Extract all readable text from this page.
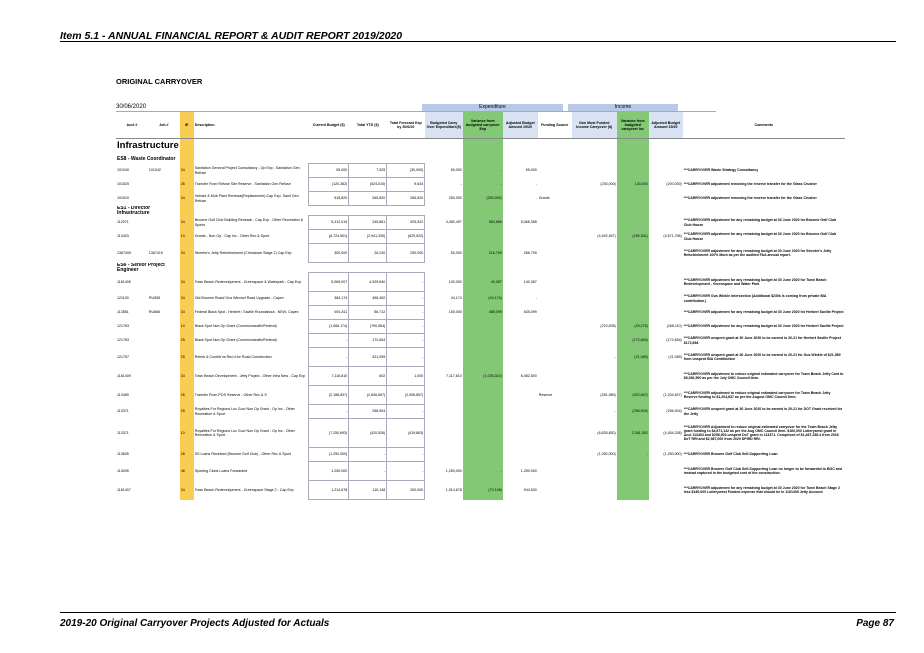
Item 5.1 - ANNUAL FINANCIAL REPORT & AUDIT REPORT 2019/2020
ORIGINAL CARRYOVER
30/06/2020	Expenditure	Income
Acct #	Job #	IE	Description	Current Budget ($)	Total YTD ($)	Total Forecast Exp by 30/6/20	Budgeted Carry Over Expenditure($)	Variance from budgeted carryover Exp	Adjusted Budget Amount 19/20	Funding Source	Non Must Funded Income Carryover ($)	Variance from budgeted carryover Inc	Adjusted Budget Amount 19/20	Comments
Infrastructure														
ES8 - Waste Coordinator														
101040	101042	34	Sanitation General Project Consultancy - Op Exp - Sanitation Gen Refuse	55,000	7,525	(30,000)	60,000	-	55,000					***CARRYOVER Waste Strategy Consultancy
101525		26	Transfer From Refuse Site Reserve - Sanitation Gen Refuse	(120,362)	(524,510)	9,634	-	-	-		(230,000)	130,000	(200,000)	***CARRYOVER adjustment removing the reserve transfer for the Glass Crusher
101510		34	Vehicle & Mob Plant Renewal(Replacement)-Cap Exp- Sanit Gen Refuse	515,820	265,820	265,820	250,000	(250,000)	-	Grants				***CARRYOVER adjustment removing the reserve transfer for the Glass Crusher
ES1 - Director Infrastructure														
112071		34	Broome Golf Club Building Renewal - Cap Exp - Other Recreation & Sports	5,312,019	245,861	925,522	4,482,497	583,856	5,066,358					***CARRYOVER adjustment for any remaining budget at 30 June 2020 for Broome Golf Club Club House
113403		10	Grants - Non Op - Cap Inc - Other Rec & Sport	(6,724,501)	(2,941,335)	(629,522)					(4,492,497)	(189,301)	(4,671,798)	***CARRYOVER adjustment for any remaining budget at 30 June 2020 for Broome Golf Club Club House
1367405	1367419	34	Streeter's Jetty Refurbishment (Chinatown Stage 2) Cap Exp	300,000	26,240	250,000	50,000	216,799	266,799					***CARRYOVER adjustment for any remaining budget at 30 June 2020 for Streeter's Jetty Refurbishment 100% Mont as per the audited FAA annual report.
ES6 - Senior Project Engineer														
1161405		34	Town Beach Redevelopment - Greenspace & Waterpark - Cap Exp	5,069,007	4,929,640	-	100,000	40,387	140,387					***CARRYOVER adjustment for any remaining budget at 30 June 2020 for Town Beach Redevelopment - Greenspace and Water Park
121100	RU555	34	Old Broome Road/ Gus Winckel Road Upgrade - Capex	384,174	458,452	-	44,174	(44,174)	-					***CARRYOVER Gus Winkle Intersection (Additional $230k is coming from private BIA contribution.)
113561	RU666	34	Federal Black Spot - Herbert / Saville Roundabout - NEW- Capex	691,811	56,712	-	150,000	485,099	635,099					***CARRYOVER adjustment for any remaining budget at 30 June 2020 for Herbert Saville Project
121763		10	Black Spot Non Op Grant (Commonwealth/Federal)	(1,066,174)	(790,564)	-					(222,835)	(45,275)	(268,110)	***CARRYOVER adjustment for any remaining budget at 30 June 2020 for Herbert Saville Project
121763		25	Black Spot Non Op Grant (Commonwealth/Federal)	-	172,654	-						(172,654)	(172,654)	***CARRYOVER unspent grant at 30 June 2020 to be earned in 20-21 for Herbert Saville Project $172,654
121757		25	Reimb & Contrib'ns Rec'd for Road Construction	-	421,099	-					-	(21,089)	(21,089)	***CARRYOVER unspent grant at 30 June 2020 to be earned in 20-21 for Gus Winkle of $21,089 from unspent BIA Contribution
1161409		34	Town Beach Development - Jetty Project - Other Infra New - Cap Exp	7,116,810	602	1,000	7,117,810	(1,035,310)	6,082,500					***CARRYOVER adjustment to reduce original estimated carryover for Town Beach Jetty Cost to $6,082,500 as per the July OMC Council Item.
113489		26	Transfer From POS Reserve - Other Rec & S	(2,188,837)	(2,606,657)	(2,908,657)				Reserve	(281,980)	(922,657)	(1,204,637)	***CARRYOVER adjustment to reduce original estimated carryover for Town Beach Jetty Reserve funding to $1,204,637 as per the August OMC Council Item.
113371		25	Royalties For Regions Loc Gov/ Non Op Grant - Op Inc - Other Recreation & Sport	-	256,904	-					-	(256,904)	(256,904)	***CARRYOVER unspent grant at 30 June 2020 to be earned in 20-21 for DOT Grant received for the Jetty
113371		10	Royalties For Regions Loc Gov/ Non Op Grant - Op Inc - Other Recreation & Sport	(7,250,693)	(420,526)	(419,863)					(6,835,830)	2,381,592	(4,454,238)	***CARRYOVER Adjustment to reduce original estimated carryover for the Town Beach Jetty grant funding to $4,671,142 as per the Aug OMC Council Item. $160,000 Lotterywest grant in Acct 113403 and $256,903 unspent DoT grant in 113371. Comprised of $1,467,238.4 from 2018 DoT RRI and $2,987,000 from 2020 DPIRD RRI.
113605		28	SS Loans Received (Broome Golf Club) - Other Rec & Sport	(1,250,000)	-	-					(1,250,000)	-	(1,250,000)	***CARRYOVER Broome Golf Club Self-Supporting Loan
113005		46	Sporting Clubs Loans Forwarded	1,250,000	-	-	1,250,000	-	1,250,000					***CARRYOVER Broome Golf Club Self-Supporting Loan no longer to be forwarded to BGC and instead captured in the budgeted cost of the construction.
1161407		34	Town Beach Redevelopment - Greenspace Stage 2 - Cap Exp	1,214,678	110,148	200,000	1,014,678	(70,148)	944,530					***CARRYOVER adjustment for any remaining budget at 30 June 2020 for Town Beach Stage 2 less $160,000 Lotterywest Funded expense that should be in 1161409 Jetty Account
2019-20 Original Carryover Projects Adjusted for Actuals	Page 87
